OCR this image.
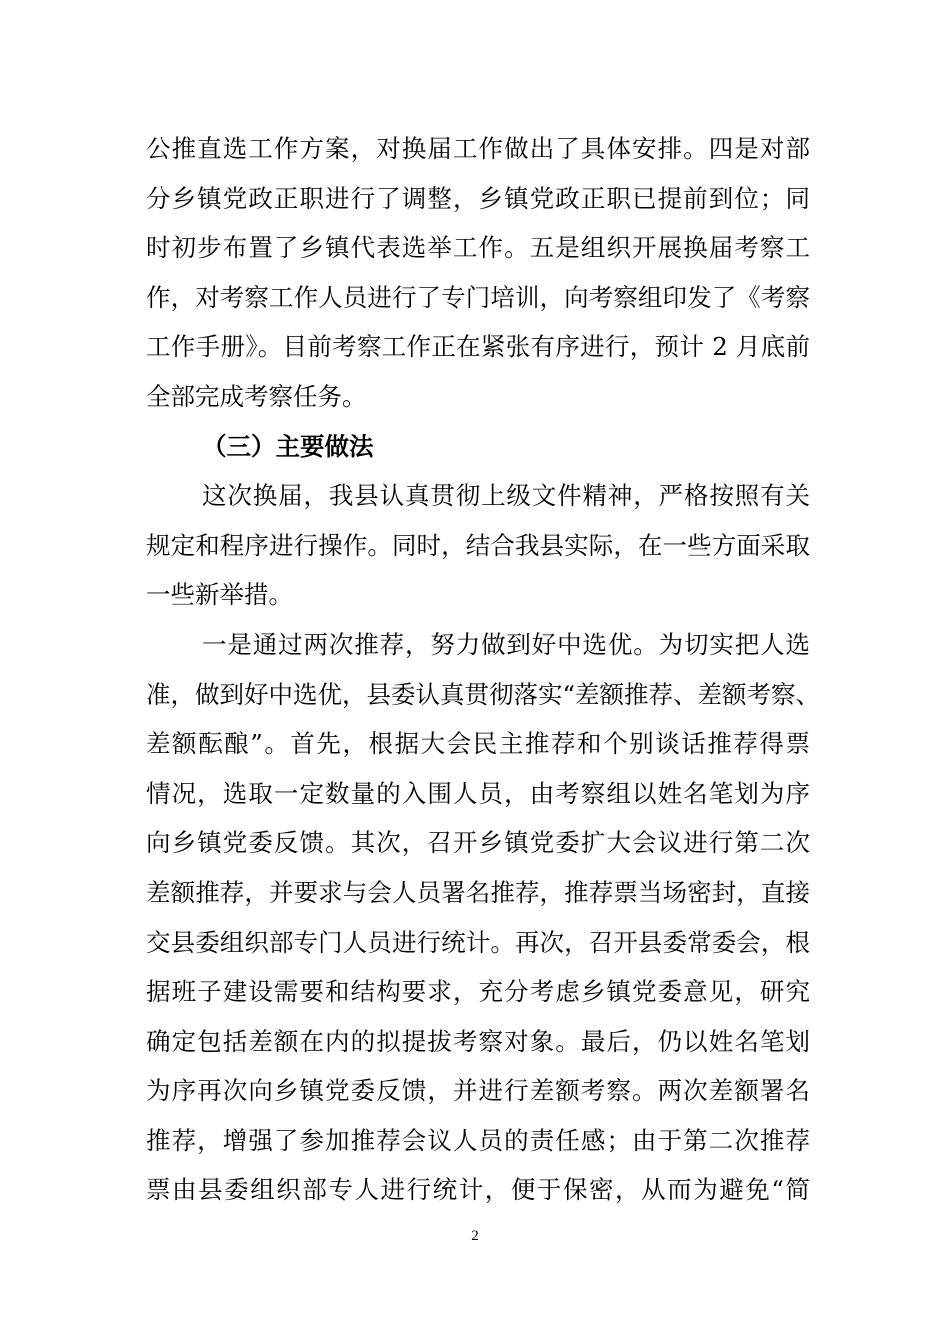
公推直选工作方案，对换届工作做出了具体安排。四是对部
分乡镇党政正职进行了调整，乡镇党政正职已提前到位；同
时初步布置了乡镇代表选举工作。五是组织开展换届考察工
作，对考察工作人员进行了专门培训，向考察组印发了《考察
工作手册》。目前考察工作正在紧张有序进行，预计 2 月底前
全部完成考察任务。
（三）主要做法
这次换届，我县认真贯彻上级文件精神，严格按照有关
规定和程序进行操作。同时，结合我县实际，在一些方面采取
一些新举措。
一是通过两次推荐，努力做到好中选优。为切实把人选
准，做到好中选优，县委认真贯彻落实“差额推荐、差额考察、
差额酝酿”。首先，根据大会民主推荐和个别谈话推荐得票
情况，选取一定数量的入围人员，由考察组以姓名笔划为序
向乡镇党委反馈。其次，召开乡镇党委扩大会议进行第二次
差额推荐，并要求与会人员署名推荐，推荐票当场密封，直接
交县委组织部专门人员进行统计。再次，召开县委常委会，根
据班子建设需要和结构要求，充分考虑乡镇党委意见，研究
确定包括差额在内的拟提拔考察对象。最后，仍以姓名笔划
为序再次向乡镇党委反馈，并进行差额考察。两次差额署名
推荐，增强了参加推荐会议人员的责任感；由于第二次推荐
票由县委组织部专人进行统计，便于保密，从而为避免“简
2
